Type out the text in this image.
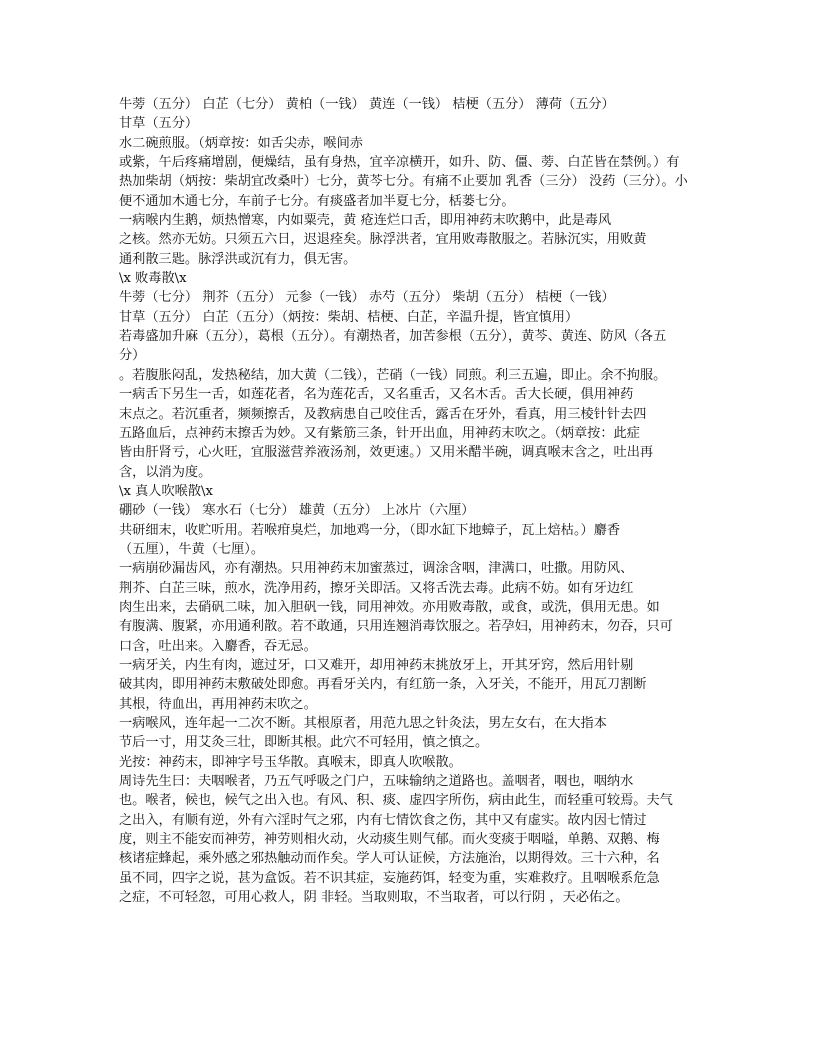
牛蒡（五分） 白芷（七分） 黄柏（一钱） 黄连（一钱） 桔梗（五分） 薄荷（五分）
甘草（五分）
水二碗煎服。（炳章按：如舌尖赤，喉间赤
或紫，午后疼痛增剧，便燥结，虽有身热，宜辛凉横开，如升、防、僵、蒡、白芷皆在禁例。）有
热加柴胡（炳按：柴胡宜改桑叶）七分，黄芩七分。有痛不止要加 乳香（三分） 没药（三分）。小
便不通加木通七分，车前子七分。有痰盛者加半夏七分，栝蒌七分。
一病喉内生鹅，烦热憎寒，内如粟壳，黄 疮连烂口舌，即用神药末吹鹅中，此是毒风
之核。然亦无妨。只须五六日，迟退痊矣。脉浮洪者，宜用败毒散服之。若脉沉实，用败黄
通利散三匙。脉浮洪或沉有力，俱无害。
\x 败毒散\x
牛蒡（七分） 荆芥（五分） 元参（一钱） 赤芍（五分） 柴胡（五分） 桔梗（一钱）
甘草（五分） 白芷（五分）（炳按：柴胡、桔梗、白芷，辛温升提，皆宜慎用）
若毒盛加升麻（五分），葛根（五分）。有潮热者，加苦参根（五分），黄芩、黄连、防风（各五
分）
。若腹胀闷乱，发热秘结，加大黄（二钱），芒硝（一钱）同煎。利三五遍，即止。余不拘服。
一病舌下另生一舌，如莲花者，名为莲花舌，又名重舌，又名木舌。舌大长硬，俱用神药
末点之。若沉重者，频频擦舌，及教病患自己咬住舌，露舌在牙外，看真，用三棱针针去四
五路血后，点神药末擦舌为妙。又有紫筋三条，针开出血，用神药末吹之。（炳章按：此症
皆由肝肾亏，心火旺，宜服滋营养液汤剂，效更速。）又用米醋半碗，调真喉末含之，吐出再
含，以消为度。
\x 真人吹喉散\x
硼砂（一钱） 寒水石（七分） 雄黄（五分） 上冰片（六厘）
共研细末，收贮听用。若喉疳臭烂，加地鸡一分，（即水缸下地蟑子，瓦上焙枯。）麝香
（五厘），牛黄（七厘）。
一病崩砂漏齿风，亦有潮热。只用神药末加蜜蒸过，调涂含咽，津满口，吐撒。用防风、
荆芥、白芷三味，煎水，洗净用药，擦牙关即活。又将舌洗去毒。此病不妨。如有牙边红
肉生出来，去硝矾二味，加入胆矾一钱，同用神效。亦用败毒散，或食，或洗，俱用无患。如
有腹满、腹紧，亦用通利散。若不敢通，只用连翘消毒饮服之。若孕妇，用神药末，勿吞，只可
口含，吐出来。入麝香，吞无忌。
一病牙关，内生有肉，遮过牙，口又难开，却用神药末挑放牙上，开其牙窍，然后用针剔
破其肉，即用神药末敷破处即愈。再看牙关内，有红筋一条，入牙关，不能开，用瓦刀割断
其根，待血出，再用神药末吹之。
一病喉风，连年起一二次不断。其根原者，用范九思之针灸法，男左女右，在大指本
节后一寸，用艾灸三壮，即断其根。此穴不可轻用，慎之慎之。
光按：神药末，即神字号玉华散。真喉末，即真人吹喉散。
周诗先生曰：夫咽喉者，乃五气呼吸之门户，五味输纳之道路也。盖咽者，咽也，咽纳水
也。喉者，候也，候气之出入也。有风、积、痰、虚四字所伤，病由此生，而轻重可较焉。夫气
之出入，有顺有逆，外有六淫时气之邪，内有七情饮食之伤，其中又有虚实。故内因七情过
度，则主不能安而神劳，神劳则相火动，火动痰生则气郁。而火变痰于咽嗌，单鹅、双鹅、梅
核诸症蜂起，乘外感之邪热触动而作矣。学人可认证候，方法施治，以期得效。三十六种，名
虽不同，四字之说，甚为盒饭。若不识其症，妄施药饵，轻变为重，实难救疗。且咽喉系危急
之症，不可轻忽，可用心救人，阴 非轻。当取则取，不当取者，可以行阴 ，天必佑之。
